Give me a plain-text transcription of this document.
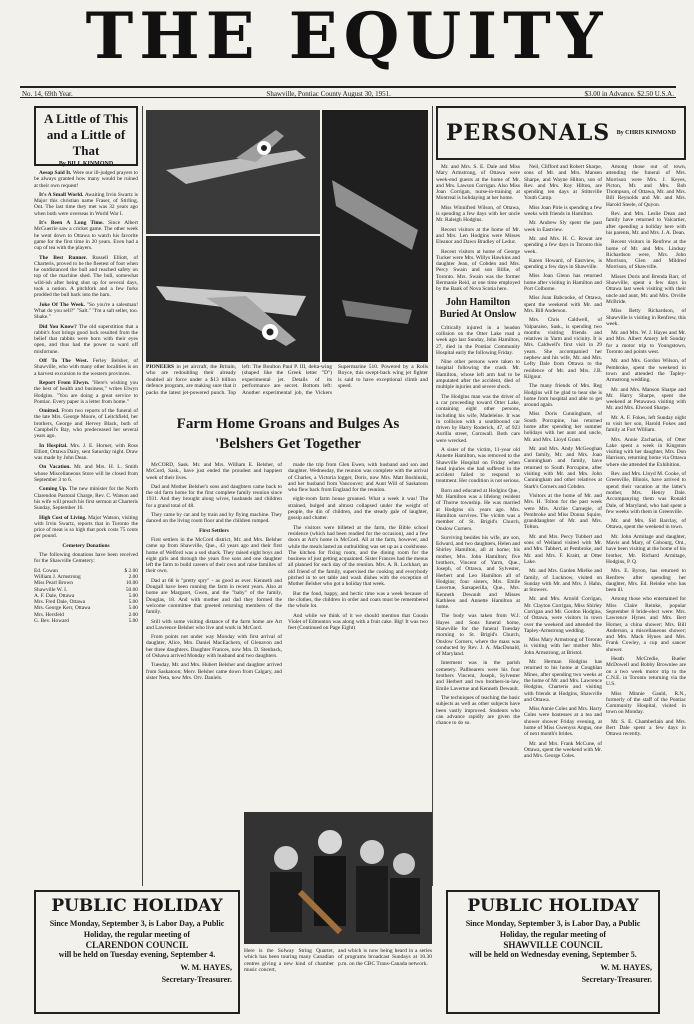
THE EQUITY
No. 14, 69th Year.	Shawville, Pontiac County August 30, 1951.	$3.00 in Advance. $2.50 U.S.A.
A Little of This and a Little of That
By BILL KINMOND

Aesop Said It. Were our ill-judged prayers to be always granted how many would be ruined at their own request!

It's A Small World. Awaiting Irvin Swartz is Major this christian name Fraser, of Stirling, Ont. The last time they met was 32 years ago when both were overseas in World War I.

It's Been A Long Time. Since Albert McGuerrie saw a cricket game. The other week he went down to Ottawa to watch his favorite game for the first time in 20 years. Even had a cup of tea with the players.

The Best Runner. Russell Elliott, of Charteris, proved to be the fleetest of foot when he outdistanced the bull and reached safety on top of the machine shed. The bull, somewhat wild-ish after being shut up for several days, took a notion. A pitchfork and a few forks prodded the bull back into the barn.

Joke Of The Week. "So you're a salesman! What do you sell?" "Salt." "I'm a salt seller, too. Shake."

Did You Know? The old superstition that a rabbit's foot brings good luck resulted from the belief that rabbits were born with their eyes open, and thus had the power to ward off misfortune.

Off To The West. Ferley Belsher, of Shawville, who with many other localities is on a harvest excursion to the western provinces.

Report From Elwyn. "Here's wishing you the best of health and business," writes Elwyn Hodgins. "You are doing a great service to Pontiac. Every paper is a letter from home."

Omitted. From two reports of the funeral of the late Mrs. George Moore, of Leitchfield, her brothers, George and Hervey Black, both of Campbell's Bay, who predeceased her several years ago.

In Hospital. Mrs. J. E. Horner, with Ross Elliott, Ottawa Dairy, sent Saturday night. Draw was made by John Dean.

On Vacation. Mr. and Mrs. H. L. Smith whose Miscellaneous Store will be closed from September 3 to 6.

Coming Up. The new minister for the North Clarendon Pastoral Charge, Rev. C. Watson and his wife will preach his first sermon at Charteris Sunday, September 16.

High Cost of Living. Major Watson, visiting with Irvin Swartz, reports that in Toronto the price of meat is so high that pork costs 75 cents per pound.

Cemetery Donations

The following donations have been received for the Shawville Cemetery:

Ed. Cowan	$ 2.00
William J. Armstrong	2.00
Miss Pearl Brown	10.00
Shawville W. I.	50.00
A. F. Dale, Ottawa	5.00
Mrs. Fred Dale, Ottawa	5.00
Mrs. George Kerr, Ottawa	5.00
Mrs. Hersfeld	2.00
G. Bev. Howard	5.00
PIONEERS in jet aircraft, the Britain, who are redoubling their already doubled air force under a $13 billion defence program, are making sure that it packs the latest jet-powered punch. Top left: The Boulton Paul P. III, delta-wing (shaped like the Greek letter "D") experimental jet. Details of its performance are secret. Bottom left: Another experimental job, the Vickers Supermarine 510. Powered by a Rolls Royce, this swept-back wing jet fighter is said to have exceptional climb and speed.
Farm Home Groans and Bulges As 'Belshers Get Together

McCORD, Sask. Mr. and Mrs. William E. Belsher, of McCord, Sask., have just ended the proudest and happiest week of their lives.

Dad and Mother Belsher's sons and daughters came back to the old farm home for the first complete family reunion since 1931. And they brought along wives, husbands and children for a grand total of 48.

They came by car and by train and by flying machine. They danced on the living room floor and the children romped.

First Settlers

First settlers in the McCord district, Mr. and Mrs. Belsher came up from Shawville, Que., 43 years ago and their first home of Welford was a sod shack. They raised eight boys and eight girls and through the years five sons and one daughter left the farm to build careers of their own and raise families of their own.

Dad at 68 is "pretty spry" - as good as ever. Kenneth and Dougall have been running the farm in recent years. Also at home are Margaret, Gwen, and the "baby" of the family, Douglas, 18. And with mother and dad they formed the welcome committee that greeted returning members of the family.

Still with some visiting distance of the farm home are Art and Lawrence Belsher who live and work in McCord.

From points not under way Monday with first arrival of daughter, Alice, Mrs. Daniel MacEachern, of Glenavon and her three daughters. Daughter Frances, now Mrs. D. Stenback, of Oshawa arrived Monday with husband and two daughters.

Tuesday, Mr. and Mrs. Hubert Belsher and daughter arrived from Saskatoon; Merv. Belsher came down from Calgary, and sister Neta, now Mrs. Orv. Daniels.

made the trip from Glen Ewen, with husband and son and daughter. Wednesday, the reunion was complete with the arrival of Charles, a Victoria logger, Doris, now Mrs. Matt Boshinski, and her husband from Vancouver; and Aunt Will of Saskatoon who flew back from England for the reunion.

eight-room farm house groaned. What a week it was! The strained, bulged and almost collapsed under the weight of people, the din of children, and the steady gale of laughter, gossip and chatter.

The visitors were billeted at the farm, the Bible school residence (which had been readied for the occasion), and a few doors at Art's home in McCord. All at the farm, however, and while the meals lasted an outbuilding was set up as a cookhouse. The kitchen for fixing room, and the dining room for the business of just getting acquainted. Sister Frances had the menus all planned for each day of the reunion. Mrs. A. R. Lockhart, an old friend of the family, supervised the cooking and everybody pitched in to set table and wash dishes with the exception of Mother Belsher who got a holiday that week.

But the fond, happy, and hectic time was a week because of the clothes, the children in order and coats must be remembered the whole lot.

And while we think of it we should mention that Cousin Violet of Edmonton was along with a fruit cake. Big! It was two feet (Continued on Page Eight)

PERSONALS By CHRIS KINMOND

Mr. and Mrs. S. E. Dale and Miss Mary Armstrong, of Ottawa were week-end guests at the home of Mr. and Mrs. Lawson Corrigan. Also Miss Joan Corrigan, nurse-in-training at Montreal is holidaying at her home.

Miss Winnifred Wilson, of Ottawa, is spending a few days with her uncle Mr. Raleigh Hodgins.

Recent visitors at the home of Mr. and Mrs. Len Hodgins were Misses Eleanor and Dawn Bradley of Leduc.

Recent visitors at home of George Tucker were Mrs. Willys Hawkins and daughter Jean, of Cobden and Mrs. Percy Swain and son Billie, of Toronto. Mrs. Swain was the former Bermanie Reid, at one time employed by the Bank of Nova Scotia here.

John Hamilton Buried At Onslow

Critically injured in a headon collision on the Otter Lake road a week ago last Sunday, John Hamilton, 27, died in the Pontiac Community Hospital early the following Friday.

Nine other persons were taken to hospital following the crash. Mr. Hamilton, whose left arm had to be amputated after the accident, died of multiple injuries and severe shock.

The Hodgins man was the driver of a car proceeding toward Otter Lake, containing eight other persons, including his wife, Madeleine. It was in collision with a southbound car driven by Harry Roderick, 47, of 923 Aurilla street, Cornwall. Both cars were wrecked.

A sister of the victim, 11-year old Annette Hamilton, was removed to the Shawville Hospital on Friday when head injuries she had suffered in the accident failed to respond to treatment. Her condition is not serious.

Born and educated at Hodgins Que., Mr. Hamilton was a lifelong resident of Thorne township. He was married at Hodgins six years ago. Mrs. Hamilton survives. The victim was a member of St. Brigid's Church, Onslow Corners.

Surviving besides his wife, are son, Edward, and two daughters, Helen and Shirley Hamilton, all at home; his mother, Mrs. John Hamilton; five brothers, Vincent of Yarm, Que., Joseph, of Ottawa, and Sylvester, Herbert and Leo Hamilton all of Hodgins; four sisters, Mrs. Emile Lavertue, Sarsaperilla, Que., Mrs. Kenneth Dewault and Misses Kathleen and Annette Hamilton at home.

The body was taken from W.J. Hayes and Sons funeral home, Shawville for the funeral Tuesday morning to St. Brigid's Church, Onslow Corners, where the mass was conducted by Rev. J. A. MacDonald, of Maryland.

Interment was in the parish cemetery. Pallbearers were his four brothers Vincent, Joseph, Sylvester and Herbert and two brothers-in-law, Emile Lavertue and Kenneth Dewault.

The techniques of teaching the basic subjects as well as other subjects have been vastly improved. Students who can advance rapidly are given the chance to do so.

Neil, Clifford and Robert Sharpe, sons of Mr. and Mrs. Mansen Sharpe, and Wayne Hilton, son of Rev. and Mrs. Roy Hilton, are spending ten days at Stittsville Youth Camp.

Miss Joan Pirie is spending a few weeks with friends in Hamilton.

Mr. Andrew Sly spent the past week in Eastview.

Mr. and Mrs. H. C. Rowat are spending a few days in Toronto this week.

Karen Howard, of Eastview, is spending a few days in Shawville.

Miss Joan Glenn has returned home after visiting in Hamilton and Port Colborne.

Miss Joan Babcooke, of Ottawa, spent the weekend with Mr. and Mrs. Bill Anderson.

Mrs. Chris Caldwell, of Valparaiso, Sask., is spending two months visiting friends and relatives in Yarm and vicinity. It is Mrs. Caldwell's first visit in 29 years. She accompanied her nephew and his wife, Mr. and Mrs. Lefty Dale from Ottawa to the residence of Mr. and Mrs. J.B. Kilgour.

The many friends of Mrs. Reg Hodgins will be glad to hear she is home from hospital and able to get around again.

Miss Doris Cunningham, of South Porcupine, has returned home after spending her summer holidays with her aunt and uncle, Mr. and Mrs. Lloyd Grant.

Mr. and Mrs. Andy McGeoghan and family, Mr. and Mrs. Joan Cunningham and family, have returned to South Porcupine, after visiting with Mr. and Mrs. John Cunningham and other relatives at Stark's Corners and Cobden.

Visitors at the home of Mr. and Mrs. H. Tolton for the past week were Mrs. Archie Carnegie, of Pembroke and Miss Donna Squire, granddaughter of Mr. and Mrs. Tolton.

Mr. and Mrs. Percy Tubbert and sons of Welland visited with Mr. and Mrs. Tabbert, at Pembroke, and Mr. and Mrs. F. Kraitt, at Otter Lake.

Mr. and Mrs. Garden Mielke and family, of Lucknow, visited on Sunday with Mr. and Mrs. J. Hahn, at Stowers.

Mr. and Mrs. Arnold Corrigan, Mr. Clayton Corrigan, Miss Shirley Corrigan and Mr. Gordon Hodgins, of Ottawa, were visitors in town over the weekend and attended the Tapley-Armstrong wedding.

Miss Mary Armstrong of Toronto is visiting with her mother Mrs. John Armstrong, at Bristol.

Mr. Herman Hodgins has returned to his home at Coughlan Mines, after spending two weeks at the home of Mr. and Mrs. Lawrence Hodgins, Charteris and visiting with friends at Hodgins, Shawville and Ottawa.

Miss Annie Coles and Mrs. Harry Coles were hostesses at a tea and shower shower Friday evening, at home of Miss Gwenyss Angus, one of next month's brides.

Mr. and Mrs. Frank McCune, of Ottawa, spent the weekend with Mr. and Mrs. George Coles.

Among those out of town, attending the funeral of Mrs. Morrison were Mrs. J. Keyes, Picton, Mr. and Mrs. Bob Thompson, of Ottawa, Mr. and Mrs. Bill Reynolds and Mr. and Mrs. Harold Steele, of Quyon.

Rev. and Mrs. Leslie Dean and family have returned to Valcartier, after spending a holiday here with his parents, Mr. and Mrs. J. A. Dean.

Recent visitors in Renfrew at the home of Mr. and Mrs. Lindsay Richardson were, Mrs. John Morrison, Glen and Mildred Morrison, of Shawville.

Misses Doris and Brenda Barr, of Shawville, spent a few days in Ottawa last week visiting with their uncle and aunt, Mr. and Mrs. Orville McBride.

Miss Betty Richardson, of Shawville is visiting in Renfrew, this week.

Mr. and Mrs. W. J. Hayes and Mr. and Mrs. Albert Amery left Sunday for a motor trip to Youngstown, Toronto and points west.

Mr. and Mrs. Gordon Wilson, of Pembroke, spent the weekend in town and attended the Tapley-Armstrong wedding.

Mr. and Mrs. Manson Sharpe and Mr. Harry Sharpe, spent the weekend at Petawawa visiting with Mr. and Mrs. Elwood Sharpe.

Mr. A. F. Fokes, left Sunday night to visit her son, Harold Fokes and family at Fort William.

Mrs. Annie Zacharias, of Otter Lake spent a week in Kingston visiting with her daughter, Mrs. Don Harrison, returning home via Ottawa where she attended the Exhibition.

Rev. and Mrs. Lloyd M. Cooke, of Greenville, Illinois, have arrived to spend their vacation at the latter's mother, Mrs. Henry Dale. Accompanying them was Ronald Dale, of Maryland, who had spent a few weeks with them in Greenville.

Mr. and Mrs. Sid Barclay, of Ottawa, spent the weekend in town.

Mr. John Armitage and daughter, Mavis and Mary, of Cobourg, Ont., have been visiting at the home of his brother, Mr. Richard Armitage, Hodgins, P. Q.

Mrs. E. Byron, has returned to Renfrew after spending her daughter, Mrs. Ed. Reinke who has been ill.

Among those who entertained for Miss Claire Reinke, popular September 8 bride-elect were: Mrs. Lawrence Hynes and Mrs. Bert Horner, a china shower; Mrs. Bill Anderson, a miscellaneous shower; and Mrs. Mack Hynes and Mrs. Frank Cowley, a cup and saucer shower.

Heath McCredie, Bueler McDowell and Bobby Brownlee are on a two week motor trip to the C.N.E. in Toronto returning via the U.S.

Miss Minnie Gauld, R.N., formerly of the staff of the Pontiac Community Hospital, visited in town on Monday.

Mr. S. E. Chamberlain and Mrs. Bert Dale spent a few days in Ottawa recently.

Here is the Solway String Quartet, which has been touring many Canadian centres giving a new kind of chamber music concert,
and which is now being heard in a series of programs broadcast Sundays at 10.30 p.m. on the CBC Trans-Canada network.
PUBLIC HOLIDAY
Since Monday, September 3, is Labor Day, a Public Holiday, the regular meeting of
CLARENDON COUNCIL
will be held on Tuesday evening, September 4.
W. M. HAYES,
Secretary-Treasurer.
PUBLIC HOLIDAY
Since Monday, September 3, is Labor Day, a Public Holiday, the regular meeting of
SHAWVILLE COUNCIL
will be held on Wednesday evening, September 5.
W. M. HAYES,
Secretary-Treasurer.
